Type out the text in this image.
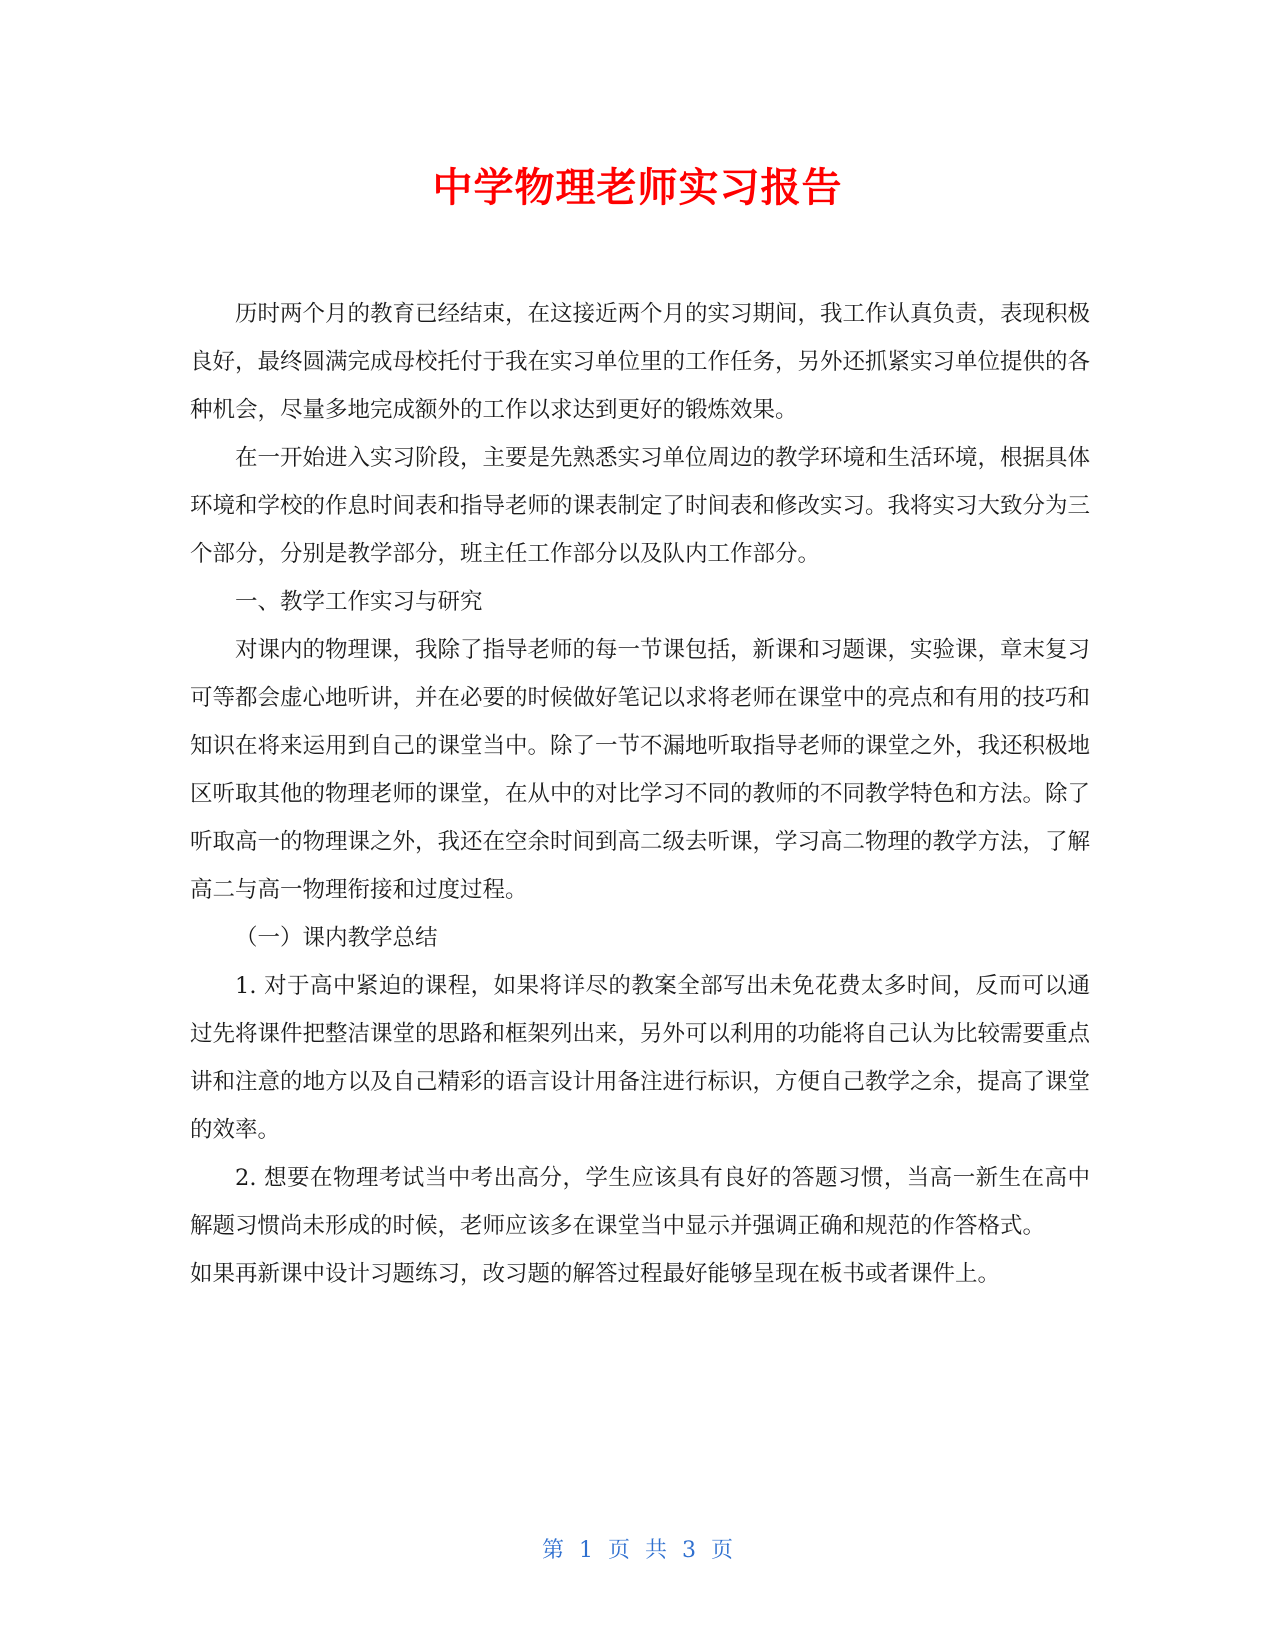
中学物理老师实习报告

历时两个月的教育已经结束，在这接近两个月的实习期间，我工作认真负责，表现积极良好，最终圆满完成母校托付于我在实习单位里的工作任务，另外还抓紧实习单位提供的各种机会，尽量多地完成额外的工作以求达到更好的锻炼效果。

在一开始进入实习阶段，主要是先熟悉实习单位周边的教学环境和生活环境，根据具体环境和学校的作息时间表和指导老师的课表制定了时间表和修改实习。我将实习大致分为三个部分，分别是教学部分，班主任工作部分以及队内工作部分。

一、教学工作实习与研究

对课内的物理课，我除了指导老师的每一节课包括，新课和习题课，实验课，章末复习可等都会虚心地听讲，并在必要的时候做好笔记以求将老师在课堂中的亮点和有用的技巧和知识在将来运用到自己的课堂当中。除了一节不漏地听取指导老师的课堂之外，我还积极地区听取其他的物理老师的课堂，在从中的对比学习不同的教师的不同教学特色和方法。除了听取高一的物理课之外，我还在空余时间到高二级去听课，学习高二物理的教学方法，了解高二与高一物理衔接和过度过程。

（一）课内教学总结

1. 对于高中紧迫的课程，如果将详尽的教案全部写出未免花费太多时间，反而可以通过先将课件把整洁课堂的思路和框架列出来，另外可以利用的功能将自己认为比较需要重点讲和注意的地方以及自己精彩的语言设计用备注进行标识，方便自己教学之余，提高了课堂的效率。

2. 想要在物理考试当中考出高分，学生应该具有良好的答题习惯，当高一新生在高中解题习惯尚未形成的时候，老师应该多在课堂当中显示并强调正确和规范的作答格式。

如果再新课中设计习题练习，改习题的解答过程最好能够呈现在板书或者课件上。

第 1 页 共 3 页
